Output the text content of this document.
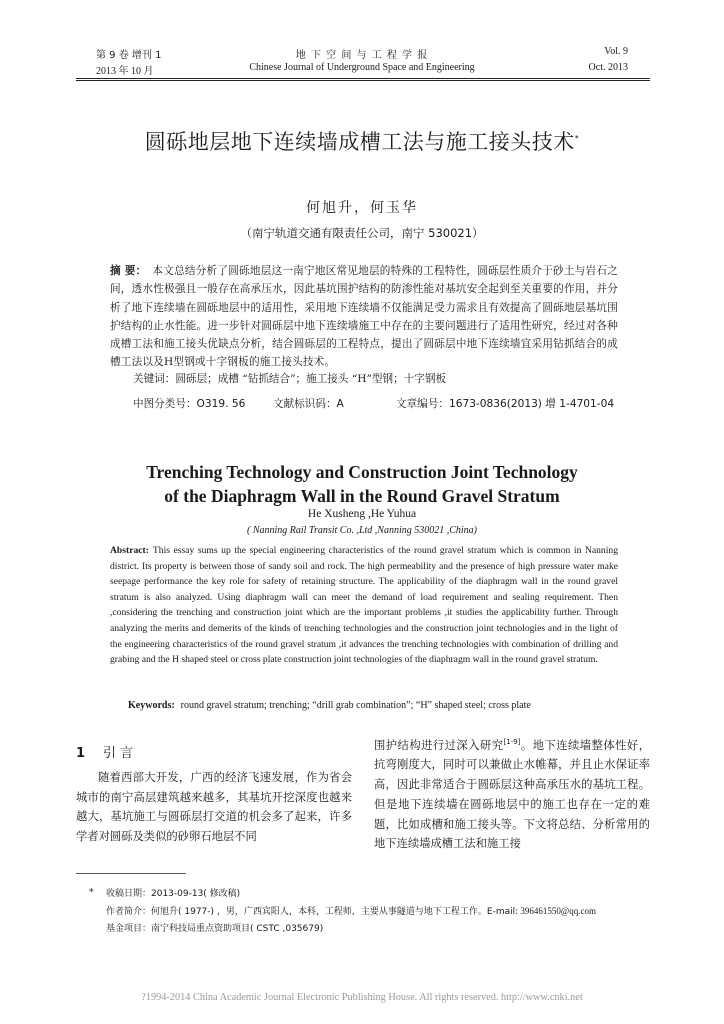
第 9 卷 增刊 1
2013 年 10 月
地 下 空 间 与 工 程 学 报
Chinese Journal of Underground Space and Engineering
Vol. 9
Oct. 2013
圆砾地层地下连续墙成槽工法与施工接头技术*
何旭升，何玉华
（南宁轨道交通有限责任公司，南宁 530021）
摘 要： 本文总结分析了圆砾地层这一南宁地区常见地层的特殊的工程特性，圆砾层性质介于砂土与岩石之间，透水性极强且一般存在高承压水，因此基坑围护结构的防渗性能对基坑安全起到至关重要的作用，并分析了地下连续墙在圆砾地层中的适用性，采用地下连续墙不仅能满足受力需求且有效提高了圆砾地层基坑围护结构的止水性能。进一步针对圆砾层中地下连续墙施工中存在的主要问题进行了适用性研究，经过对各种成槽工法和施工接头优缺点分析，结合圆砾层的工程特点，提出了圆砾层中地下连续墙宜采用钻抓结合的成槽工法以及H型钢或十字钢板的施工接头技术。
关键词：圆砾层；成槽 “钻抓结合”；施工接头 “H”型钢；十字钢板
中图分类号：O319. 56	文献标识码：A	文章编号：1673-0836(2013) 增 1-4701-04
Trenching Technology and Construction Joint Technology
of the Diaphragm Wall in the Round Gravel Stratum
He Xusheng ,He Yuhua
( Nanning Rail Transit Co. ,Ltd ,Nanning 530021 ,China)
Abstract: This essay sums up the special engineering characteristics of the round gravel stratum which is common in Nanning district. Its property is between those of sandy soil and rock. The high permeability and the presence of high pressure water make seepage performance the key role for safety of retaining structure. The applicability of the diaphragm wall in the round gravel stratum is also analyzed. Using diaphragm wall can meet the demand of load requirement and sealing requirement. Then ,considering the trenching and construction joint which are the important problems ,it studies the applicability further. Through analyzing the merits and demerits of the kinds of trenching technologies and the construction joint technologies and in the light of the engineering characteristics of the round gravel stratum ,it advances the trenching technologies with combination of drilling and grabing and the H shaped steel or cross plate construction joint technologies of the diaphragm wall in the round gravel stratum.
Keywords: round gravel stratum; trenching; “drill grab combination”; “H” shaped steel; cross plate
1 引 言
随着西部大开发，广西的经济飞速发展，作为省会城市的南宁高层建筑越来越多，其基坑开挖深度也越来越大，基坑施工与圆砾层打交道的机会多了起来，许多学者对圆砾及类似的砂卵石地层不同
围护结构进行过深入研究[1-9]。地下连续墙整体性好，抗弯刚度大，同时可以兼做止水帷幕，并且止水保证率高，因此非常适合于圆砾层这种高承压水的基坑工程。但是地下连续墙在圆砾地层中的施工也存在一定的难题，比如成槽和施工接头等。下文将总结、分析常用的地下连续墙成槽工法和施工接
* 收稿日期：2013-09-13( 修改稿)
作者简介：何旭升( 1977-) ，男，广西宾阳人，本科，工程师，主要从事隧道与地下工程工作。E-mail: 396461550@qq.com
基金项目：南宁科技局重点资助项目( CSTC ,035679)
?1994-2014 China Academic Journal Electronic Publishing House. All rights reserved. http://www.cnki.net
